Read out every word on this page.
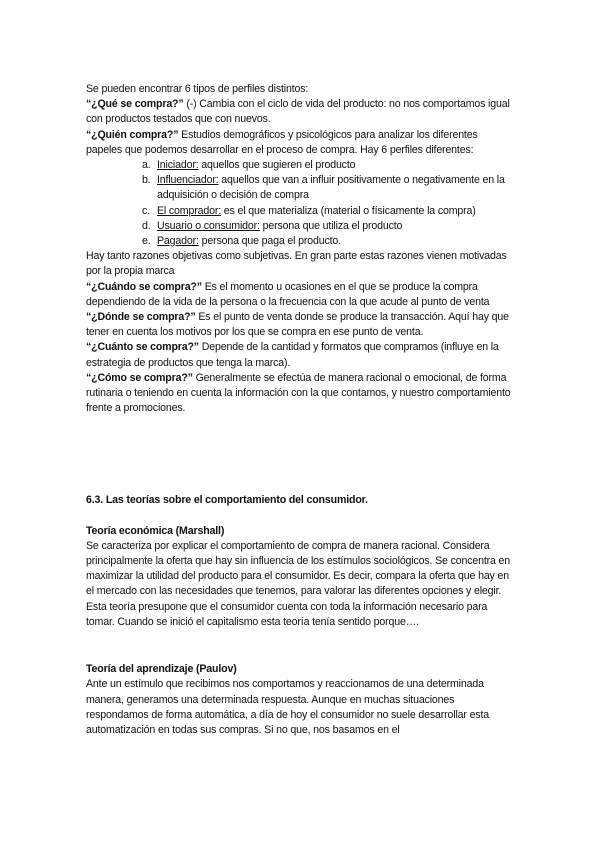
Se pueden encontrar 6 tipos de perfiles distintos:

“¿Qué se compra?” (-) Cambia con el ciclo de vida del producto: no nos comportamos igual con productos testados que con nuevos.

“¿Quién compra?” Estudios demográficos y psicológicos para analizar los diferentes papeles que podemos desarrollar en el proceso de compra. Hay 6 perfiles diferentes:

a. Iniciador: aquellos que sugieren el producto
b. Influenciador: aquellos que van a influir positivamente o negativamente en la adquisición o decisión de compra
c. El comprador: es el que materializa (material o físicamente la compra)
d. Usuario o consumidor: persona que utiliza el producto
e. Pagador: persona que paga el producto.

Hay tanto razones objetivas como subjetivas. En gran parte estas razones vienen motivadas por la propia marca

“¿Cuándo se compra?” Es el momento u ocasiones en el que se produce la compra dependiendo de la vida de la persona o la frecuencia con la que acude al punto de venta

“¿Dónde se compra?” Es el punto de venta donde se produce la transacción. Aquí hay que tener en cuenta los motivos por los que se compra en ese punto de venta.

“¿Cuánto se compra?” Depende de la cantidad y formatos que compramos (influye en la estrategia de productos que tenga la marca).

“¿Cómo se compra?” Generalmente se efectúa de manera racional o emocional, de forma rutinaria o teniendo en cuenta la información con la que contamos, y nuestro comportamiento frente a promociones.

6.3. Las teorías sobre el comportamiento del consumidor.

Teoría económica (Marshall)

Se caracteriza por explicar el comportamiento de compra de manera racional. Considera principalmente la oferta que hay sin influencia de los estímulos sociológicos. Se concentra en maximizar la utilidad del producto para el consumidor. Es decir, compara la oferta que hay en el mercado con las necesidades que tenemos, para valorar las diferentes opciones y elegir. Esta teoría presupone que el consumidor cuenta con toda la información necesario para tomar. Cuando se inició el capitalismo esta teoría tenía sentido porque….

Teoría del aprendizaje (Paulov)

Ante un estímulo que recibimos nos comportamos y reaccionamos de una determinada manera, generamos una determinada respuesta. Aunque en muchas situaciones respondamos de forma automática, a día de hoy el consumidor no suele desarrollar esta automatización en todas sus compras. Si no que, nos basamos en el
